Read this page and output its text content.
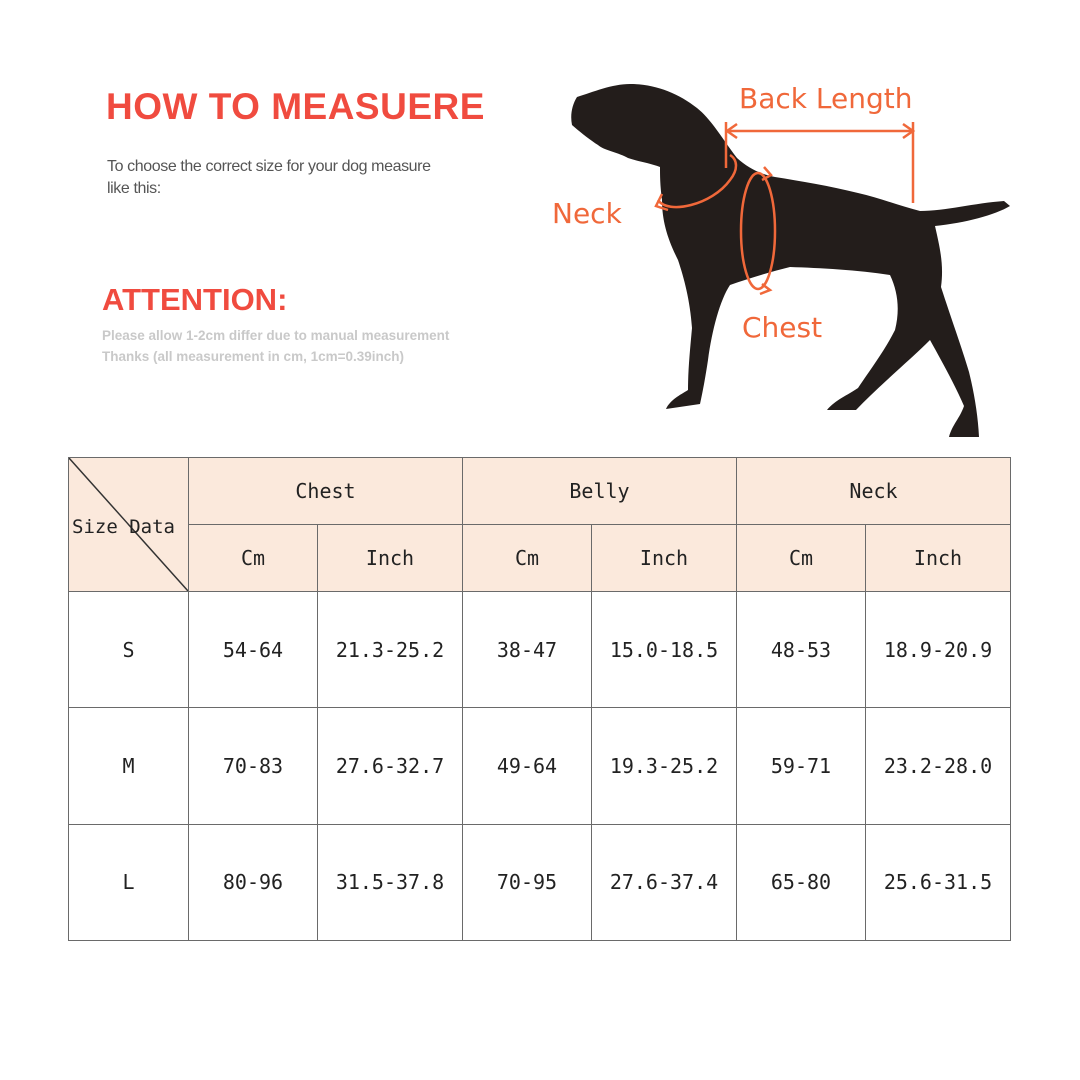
HOW TO MEASUERE

To choose the correct size for your dog measure like this:

ATTENTION:
Please allow 1-2cm differ due to manual measurement
Thanks (all measurement in cm, 1cm=0.39inch)
Back Length
Neck
Chest
Size Data	Chest		Belly		Neck	
	Cm	Inch	Cm	Inch	Cm	Inch
S	54-64	21.3-25.2	38-47	15.0-18.5	48-53	18.9-20.9
M	70-83	27.6-32.7	49-64	19.3-25.2	59-71	23.2-28.0
L	80-96	31.5-37.8	70-95	27.6-37.4	65-80	25.6-31.5
